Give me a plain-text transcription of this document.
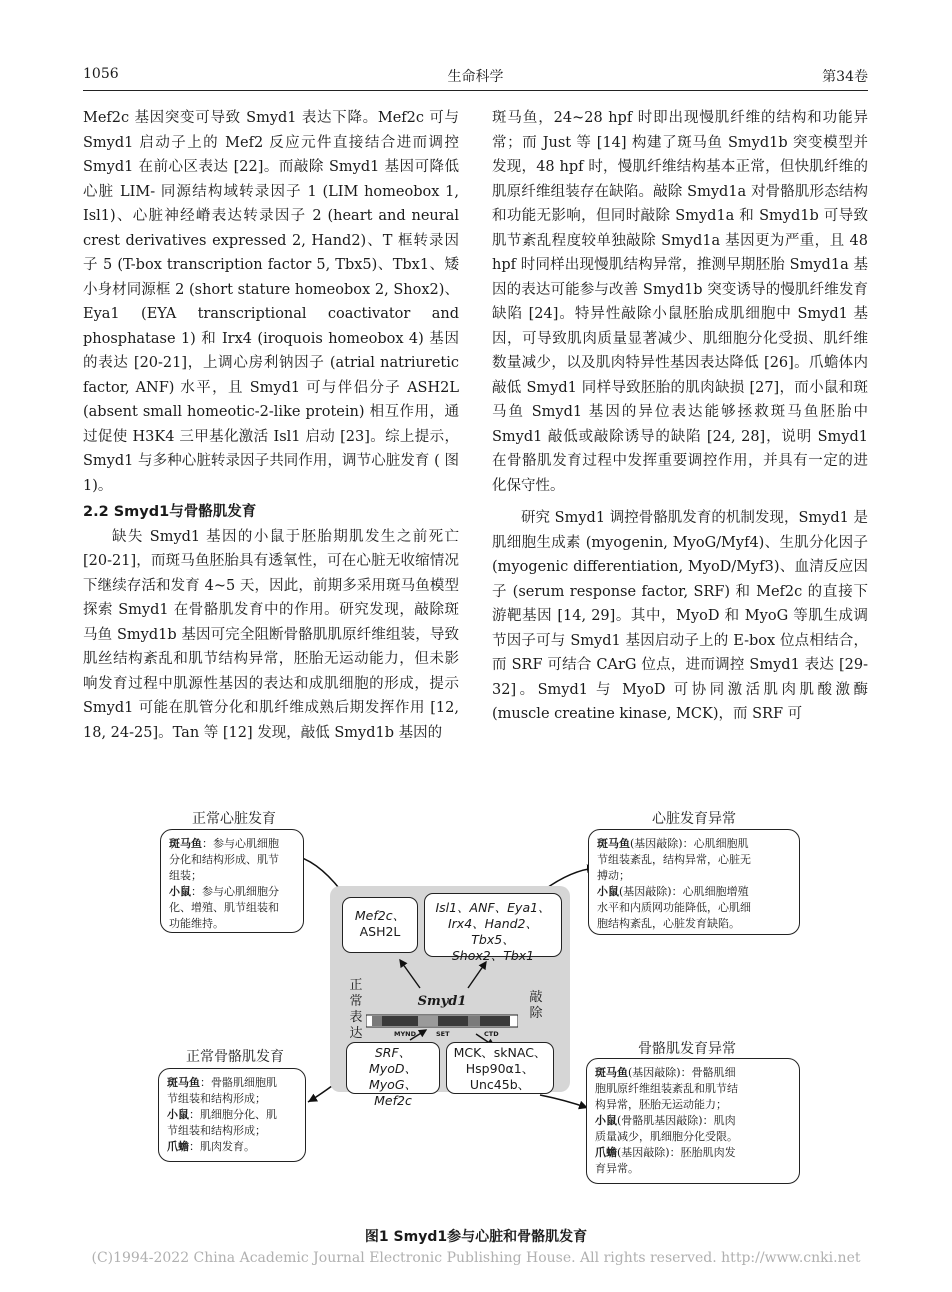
1056	生命科学	第34卷

Mef2c 基因突变可导致 Smyd1 表达下降。Mef2c 可与 Smyd1 启动子上的 Mef2 反应元件直接结合进而调控 Smyd1 在前心区表达 [22]。而敲除 Smyd1 基因可降低心脏 LIM- 同源结构域转录因子 1 (LIM homeobox 1, Isl1)、心脏神经嵴表达转录因子 2 (heart and neural crest derivatives expressed 2, Hand2)、T 框转录因子 5 (T-box transcription factor 5, Tbx5)、Tbx1、矮小身材同源框 2 (short stature homeobox 2, Shox2)、Eya1 (EYA transcriptional coactivator and phosphatase 1) 和 Irx4 (iroquois homeobox 4) 基因的表达 [20-21]，上调心房利钠因子 (atrial natriuretic factor, ANF) 水平，且 Smyd1 可与伴侣分子 ASH2L (absent small homeotic-2-like protein) 相互作用，通过促使 H3K4 三甲基化激活 Isl1 启动 [23]。综上提示，Smyd1 与多种心脏转录因子共同作用，调节心脏发育 ( 图 1)。

2.2 Smyd1与骨骼肌发育

缺失 Smyd1 基因的小鼠于胚胎期肌发生之前死亡 [20-21]，而斑马鱼胚胎具有透氧性，可在心脏无收缩情况下继续存活和发育 4~5 天，因此，前期多采用斑马鱼模型探索 Smyd1 在骨骼肌发育中的作用。研究发现，敲除斑马鱼 Smyd1b 基因可完全阻断骨骼肌肌原纤维组装，导致肌丝结构紊乱和肌节结构异常，胚胎无运动能力，但未影响发育过程中肌源性基因的表达和成肌细胞的形成，提示 Smyd1 可能在肌管分化和肌纤维成熟后期发挥作用 [12, 18, 24-25]。Tan 等 [12] 发现，敲低 Smyd1b 基因的

斑马鱼，24~28 hpf 时即出现慢肌纤维的结构和功能异常；而 Just 等 [14] 构建了斑马鱼 Smyd1b 突变模型并发现，48 hpf 时，慢肌纤维结构基本正常，但快肌纤维的肌原纤维组装存在缺陷。敲除 Smyd1a 对骨骼肌形态结构和功能无影响，但同时敲除 Smyd1a 和 Smyd1b 可导致肌节紊乱程度较单独敲除 Smyd1a 基因更为严重，且 48 hpf 时同样出现慢肌结构异常，推测早期胚胎 Smyd1a 基因的表达可能参与改善 Smyd1b 突变诱导的慢肌纤维发育缺陷 [24]。特异性敲除小鼠胚胎成肌细胞中 Smyd1 基因，可导致肌肉质量显著减少、肌细胞分化受损、肌纤维数量减少，以及肌肉特异性基因表达降低 [26]。爪蟾体内敲低 Smyd1 同样导致胚胎的肌肉缺损 [27]，而小鼠和斑马鱼 Smyd1 基因的异位表达能够拯救斑马鱼胚胎中 Smyd1 敲低或敲除诱导的缺陷 [24, 28]，说明 Smyd1 在骨骼肌发育过程中发挥重要调控作用，并具有一定的进化保守性。

研究 Smyd1 调控骨骼肌发育的机制发现，Smyd1 是肌细胞生成素 (myogenin, MyoG/Myf4)、生肌分化因子 (myogenic differentiation, MyoD/Myf3)、血清反应因子 (serum response factor, SRF) 和 Mef2c 的直接下游靶基因 [14, 29]。其中，MyoD 和 MyoG 等肌生成调节因子可与 Smyd1 基因启动子上的 E-box 位点相结合，而 SRF 可结合 CArG 位点，进而调控 Smyd1 表达 [29-32]。Smyd1 与 MyoD 可协同激活肌肉肌酸激酶 (muscle creatine kinase, MCK)，而 SRF 可

正常心脏发育
斑马鱼：参与心肌细胞
分化和结构形成、肌节
组装；
小鼠：参与心肌细胞分
化、增殖、肌节组装和
功能维持。
心脏发育异常
斑马鱼(基因敲除)：心肌细胞肌
节组装紊乱，结构异常，心脏无
搏动；
小鼠(基因敲除)：心肌细胞增殖
水平和内质网功能降低，心肌细
胞结构紊乱，心脏发育缺陷。
正常骨骼肌发育
斑马鱼：骨骼肌细胞肌
节组装和结构形成；
小鼠：肌细胞分化、肌
节组装和结构形成；
爪蟾：肌肉发育。
骨骼肌发育异常
斑马鱼(基因敲除)：骨骼肌细
胞肌原纤维组装紊乱和肌节结
构异常，胚胎无运动能力；
小鼠(骨骼肌基因敲除)：肌肉
质量减少，肌细胞分化受限。
爪蟾(基因敲除)：胚胎肌肉发
育异常。
Mef2c、
ASH2L
Isl1、ANF、Eya1、
Irx4、Hand2、Tbx5、
Shox2、Tbx1
正
常
表
达
敲
除
Smyd1
MYND	SET	CTD
SRF、MyoD、
MyoG、
Mef2c
MCK、skNAC、
Hsp90α1、
Unc45b、
图1 Smyd1参与心脏和骨骼肌发育
(C)1994-2022 China Academic Journal Electronic Publishing House. All rights reserved. http://www.cnki.net
